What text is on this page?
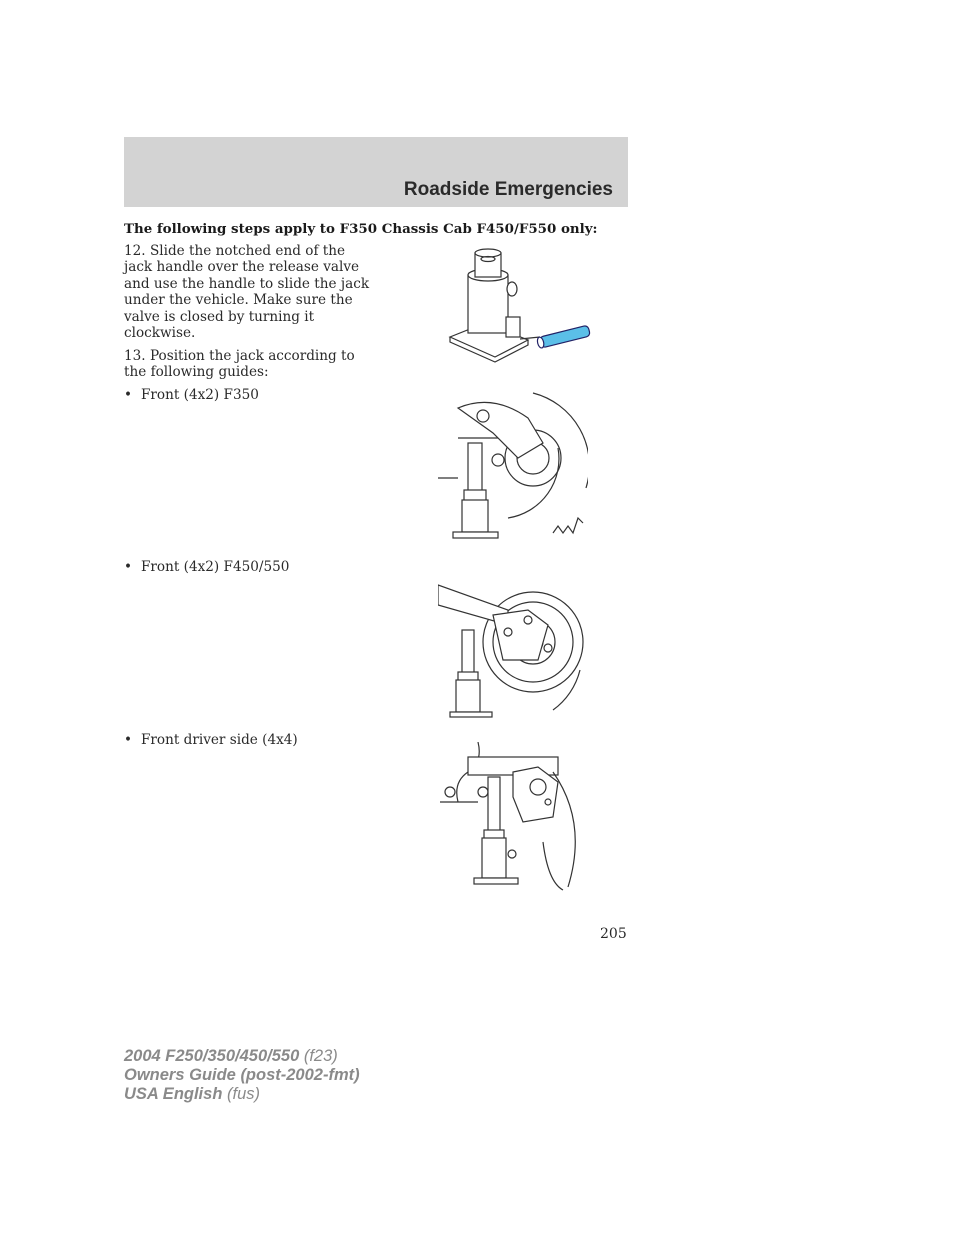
Roadside Emergencies
The following steps apply to F350 Chassis Cab F450/F550 only:
12. Slide the notched end of the jack handle over the release valve and use the handle to slide the jack under the vehicle. Make sure the valve is closed by turning it clockwise.
13. Position the jack according to the following guides:
• Front (4x2) F350
• Front (4x2) F450/550
• Front driver side (4x4)
205
2004 F250/350/450/550 (f23)
Owners Guide (post-2002-fmt)
USA English (fus)
